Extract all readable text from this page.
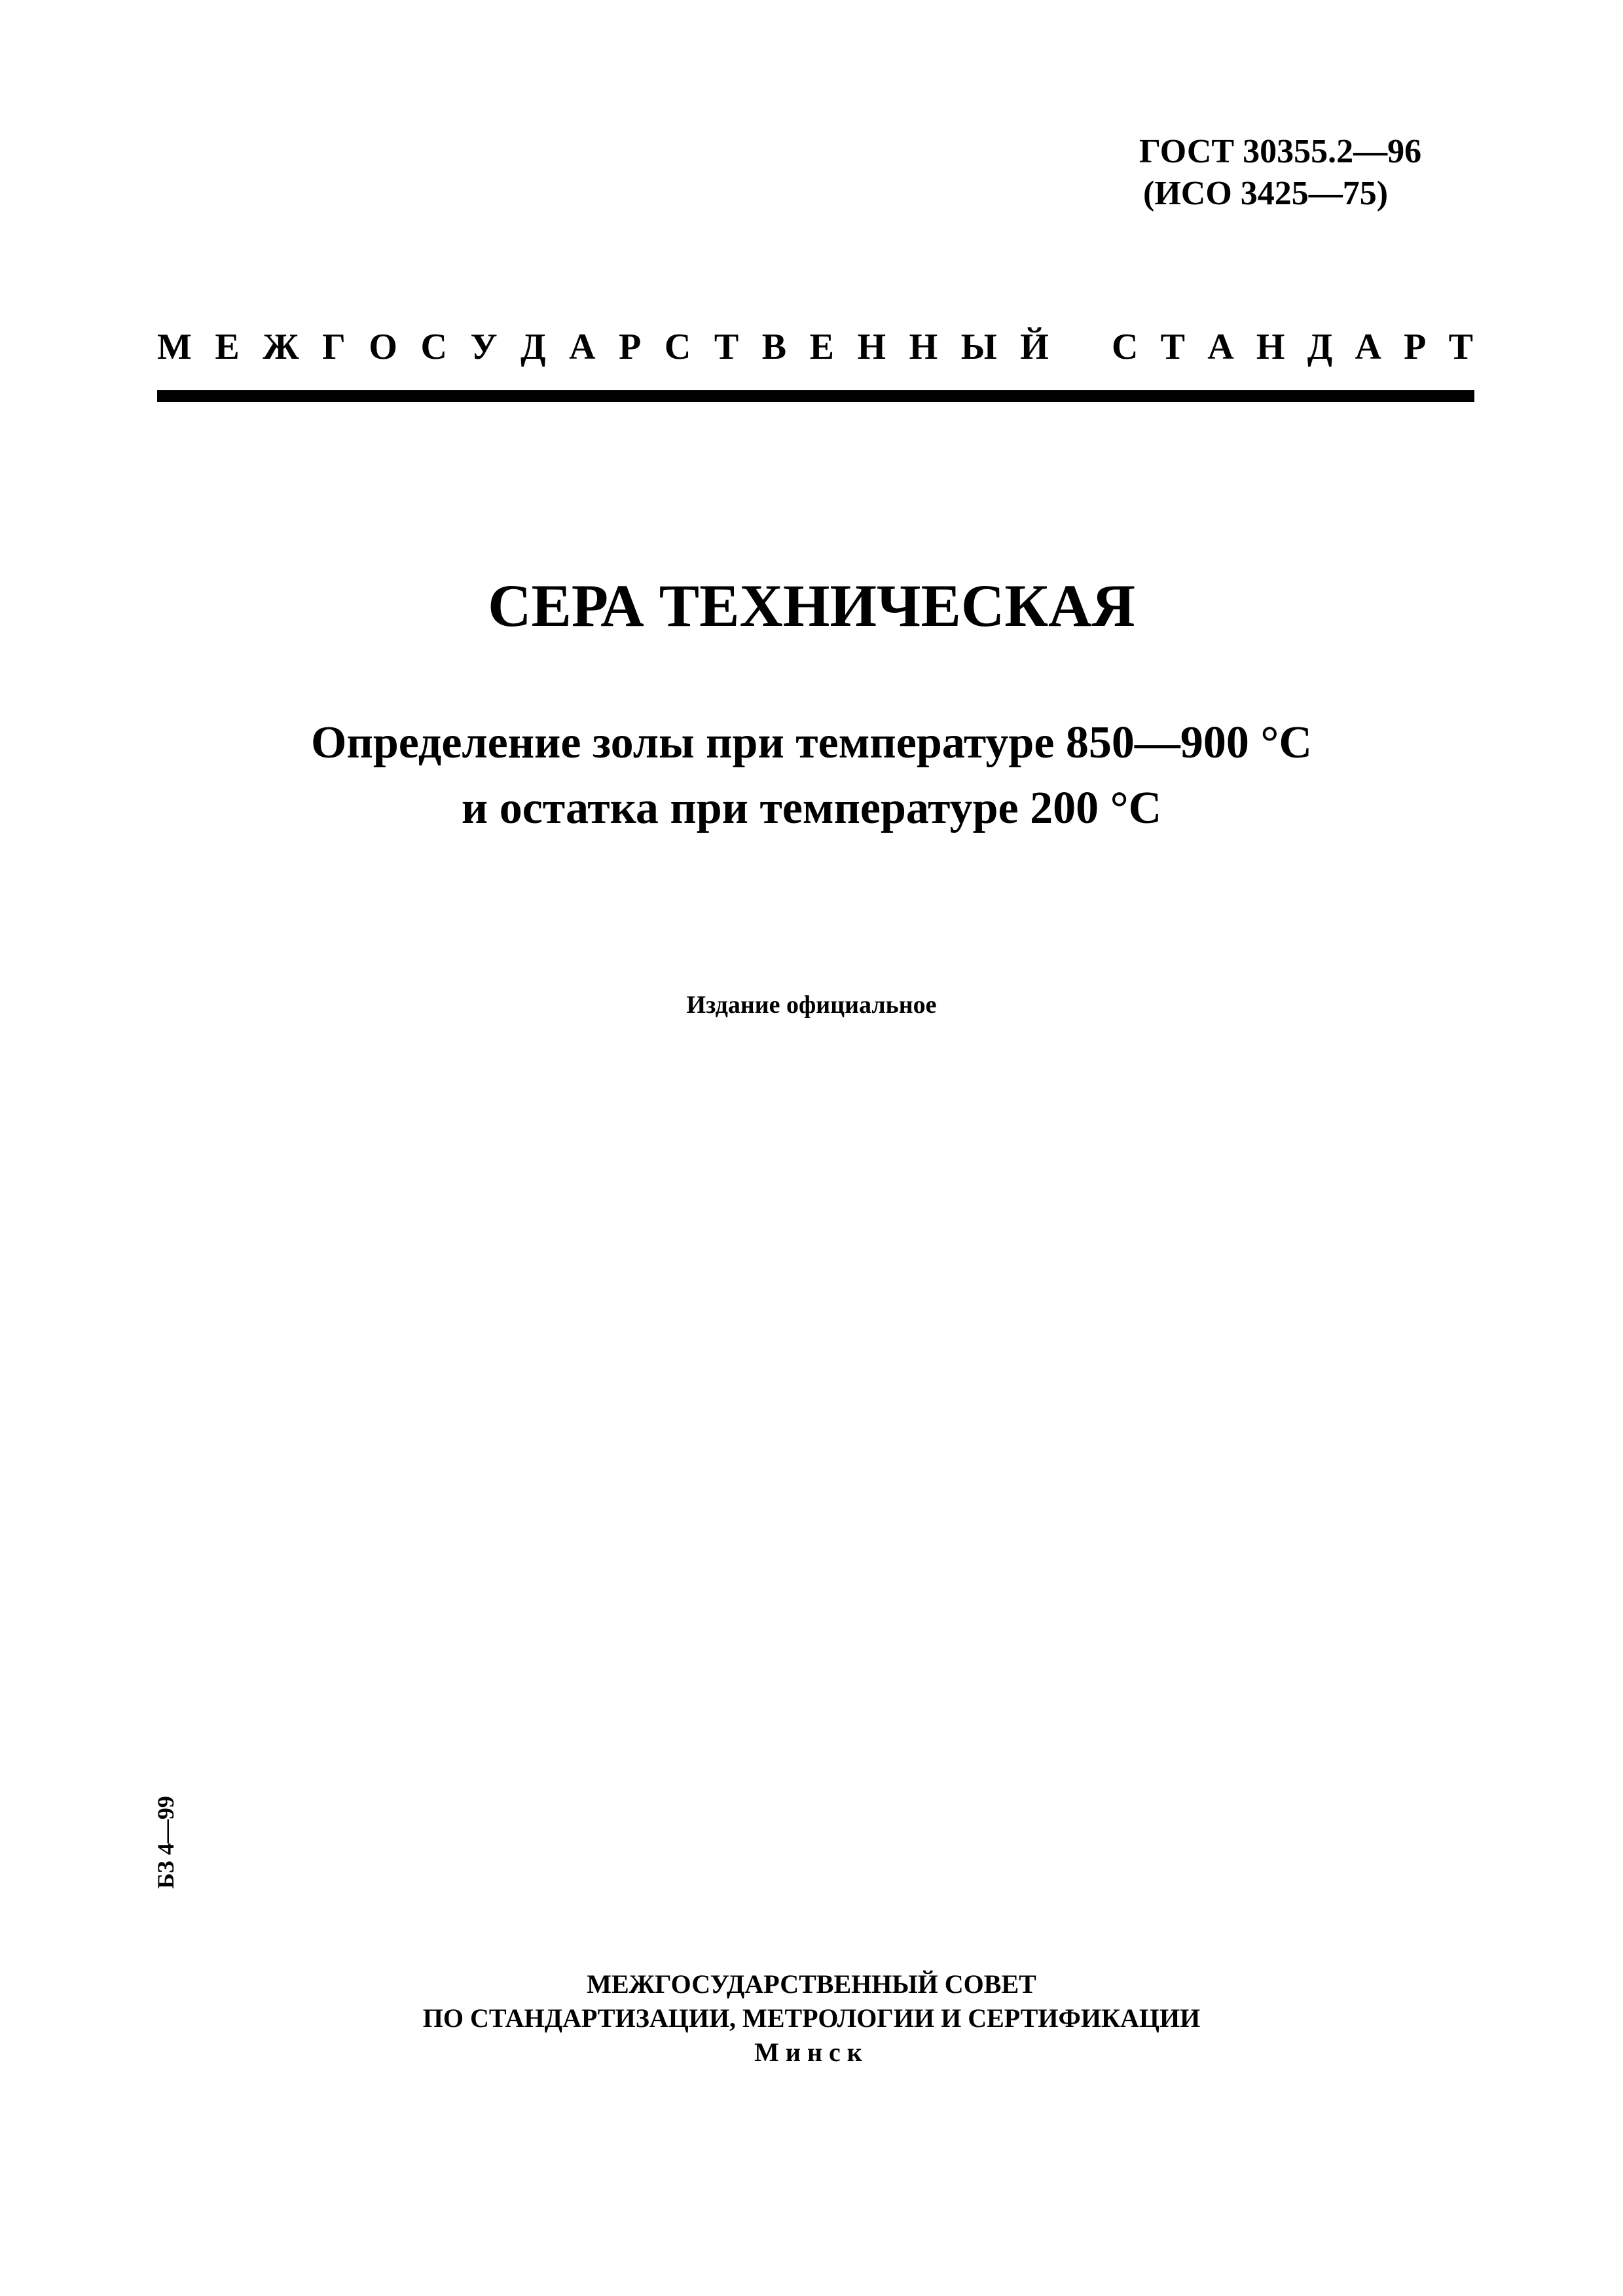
ГОСТ 30355.2—96
(ИСО 3425—75)
М Е Ж Г О С У Д А Р С Т В Е Н Н Ы Й С Т А Н Д А Р Т
СЕРА ТЕХНИЧЕСКАЯ
Определение золы при температуре 850—900 °С
и остатка при температуре 200 °С
Издание официальное
БЗ 4—99
МЕЖГОСУДАРСТВЕННЫЙ СОВЕТ
ПО СТАНДАРТИЗАЦИИ, МЕТРОЛОГИИ И СЕРТИФИКАЦИИ
Минск
